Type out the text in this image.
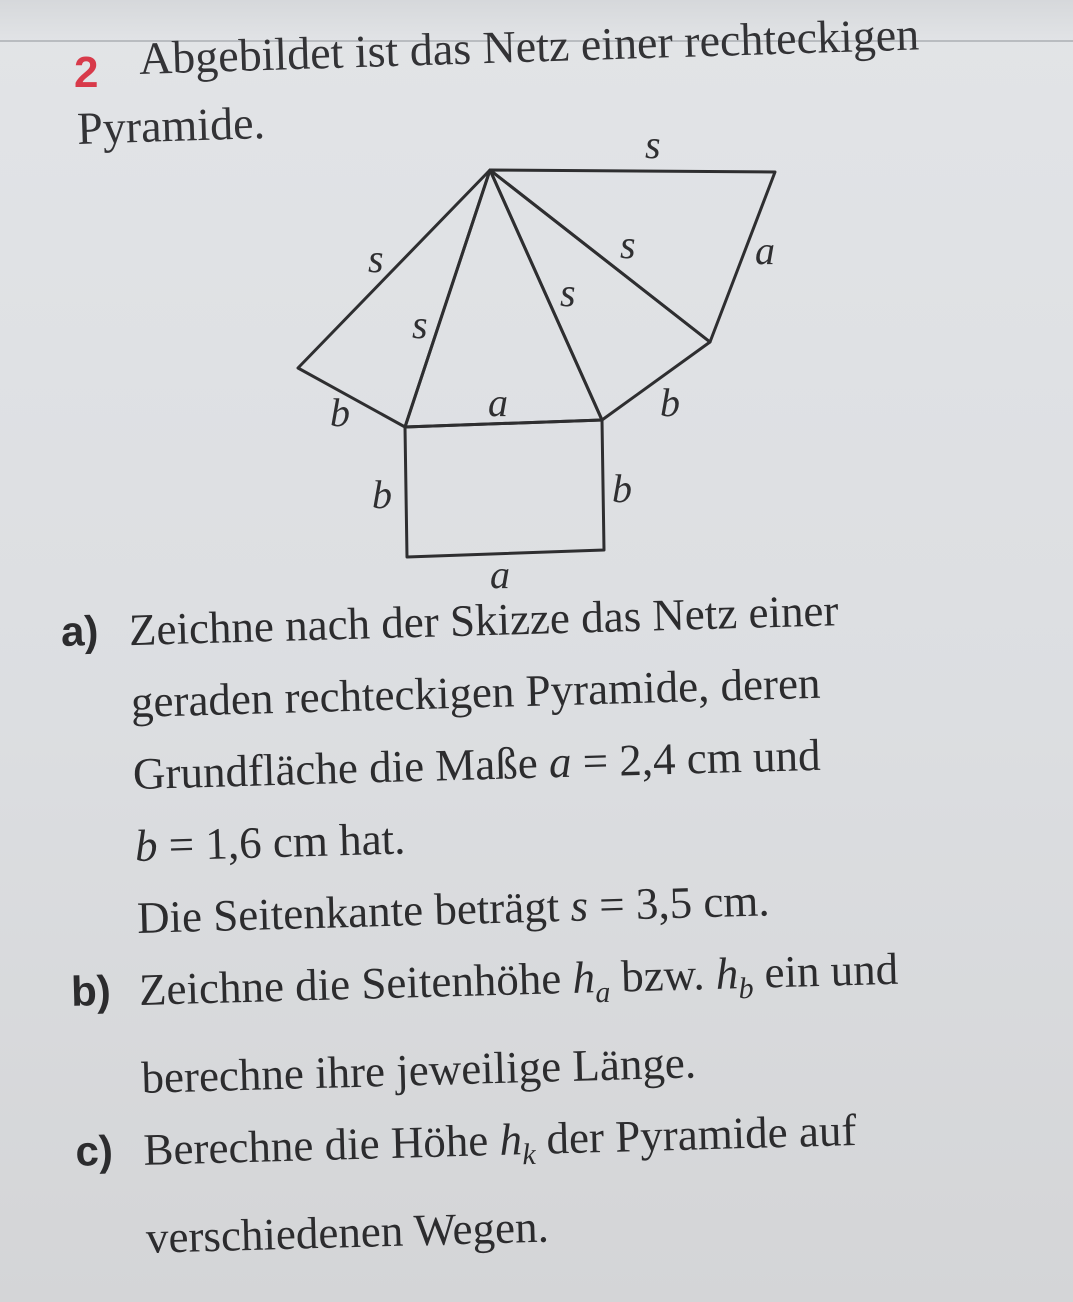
2 Abgebildet ist das Netz einer rechteckigen
Pyramide.	s
s
s
s
s
a
b	a	b
b	b
a
a) Zeichne nach der Skizze das Netz einer
geraden rechteckigen Pyramide, deren
Grundfläche die Maße a = 2,4 cm und
b = 1,6 cm hat.
Die Seitenkante beträgt s = 3,5 cm.
b) Zeichne die Seitenhöhe $h_a$ bzw. $h_b$ ein und
berechne ihre jeweilige Länge.
c) Berechne die Höhe $h_k$ der Pyramide auf
verschiedenen Wegen.
